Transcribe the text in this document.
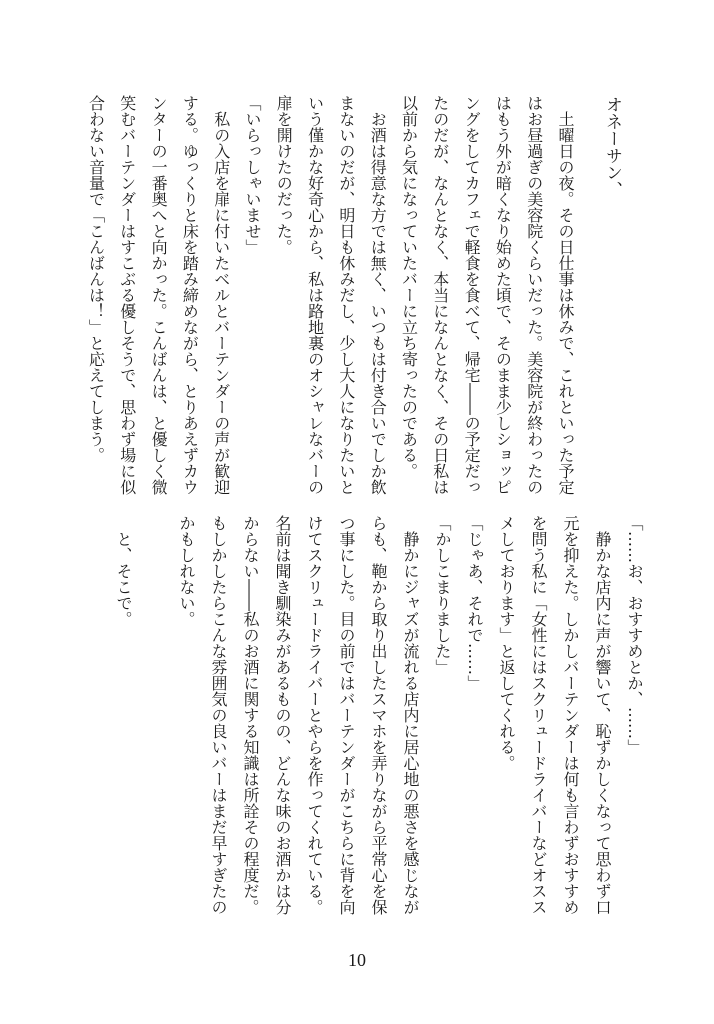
オネーサン、
　土曜日の夜。その日仕事は休みで、これといった予定
はお昼過ぎの美容院くらいだった。美容院が終わったの
はもう外が暗くなり始めた頃で、そのまま少しショッピ
ングをしてカフェで軽食を食べて、帰宅――の予定だっ
たのだが、なんとなく、本当になんとなく、その日私は
以前から気になっていたバーに立ち寄ったのである。
　お酒は得意な方では無く、いつもは付き合いでしか飲
まないのだが、明日も休みだし、少し大人になりたいと
いう僅かな好奇心から、私は路地裏のオシャレなバーの
扉を開けたのだった。
「いらっしゃいませ」
　私の入店を扉に付いたベルとバーテンダーの声が歓迎
する。ゆっくりと床を踏み締めながら、とりあえずカウ
ンターの一番奥へと向かった。こんばんは、と優しく微
笑むバーテンダーはすこぶる優しそうで、思わず場に似
合わない音量で「こんばんは！」と応えてしまう。
「……お、おすすめとか、……」
　静かな店内に声が響いて、恥ずかしくなって思わず口
元を抑えた。しかしバーテンダーは何も言わずおすすめ
を問う私に「女性にはスクリュードライバーなどオスス
メしております」と返してくれる。
「じゃあ、それで……」
「かしこまりました」
　静かにジャズが流れる店内に居心地の悪さを感じなが
らも、鞄から取り出したスマホを弄りながら平常心を保
つ事にした。目の前ではバーテンダーがこちらに背を向
けてスクリュードライバーとやらを作ってくれている。
名前は聞き馴染みがあるものの、どんな味のお酒かは分
からない――私のお酒に関する知識は所詮その程度だ。
もしかしたらこんな雰囲気の良いバーはまだ早すぎたの
かもしれない。
　と、そこで。
10
